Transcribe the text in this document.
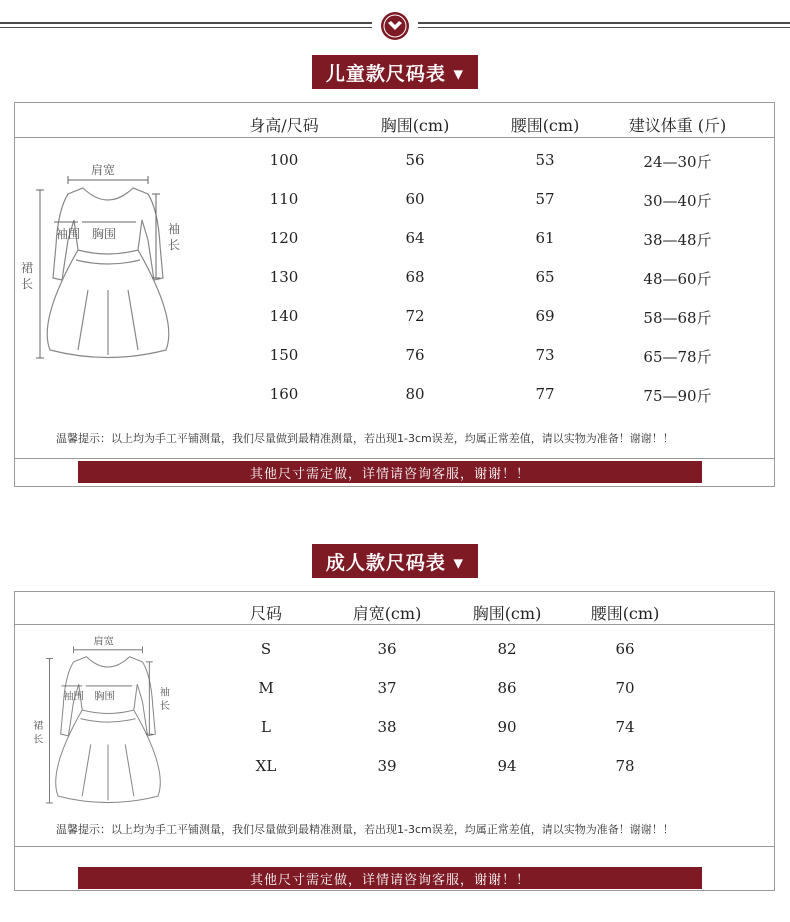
儿童款尺码表 ▾
身高/尺码	胸围(cm)	腰围(cm)	建议体重 (斤)
100	56	53	24—30斤
110	60	57	30—40斤
120	64	61	38—48斤
130	68	65	48—60斤
140	72	69	58—68斤
150	76	73	65—78斤
160	80	77	75—90斤
温馨提示：以上均为手工平铺测量，我们尽量做到最精准测量，若出现1-3cm误差，均属正常差值，请以实物为准备！谢谢！！
其他尺寸需定做，详情请咨询客服，谢谢！！
肩宽
袖围 胸围	袖
长
裙
长
成人款尺码表 ▾
尺码	肩宽(cm)	胸围(cm)	腰围(cm)
S	36	82	66
M	37	86	70
L	38	90	74
XL	39	94	78
温馨提示：以上均为手工平铺测量，我们尽量做到最精准测量，若出现1-3cm误差，均属正常差值，请以实物为准备！谢谢！！
其他尺寸需定做，详情请咨询客服，谢谢！！
肩宽
袖围 胸围	袖
长
裙
长
